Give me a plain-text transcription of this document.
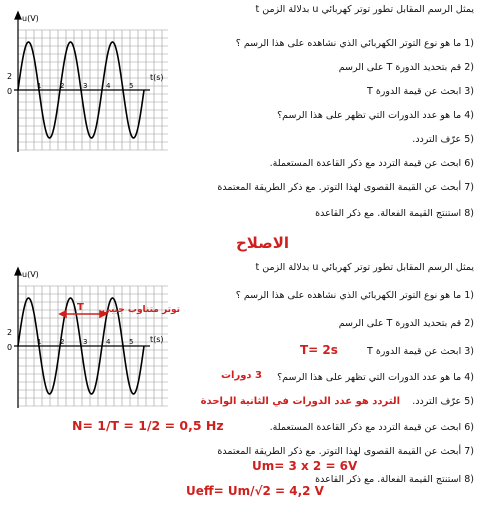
يمثل الرسم المقابل تطور توتر كهربائي u بدلالة الزمن t
u(V)
t(s)
2
0
1	2	3	4	5
1) ما هو نوع التوتر الكهربائي الذي نشاهده على هذا الرسم ؟
2) قم بتحديد الدورة T على الرسم
3) ابحث عن قيمة الدورة T
4) ما هو عدد الدورات التي تظهر على هذا الرسم؟
5) عرّف التردد.
6) ابحث عن قيمة التردد مع ذكر القاعدة المستعملة.
7) أبحث عن القيمة القصوى لهذا التوتر. مع ذكر الطريقة المعتمدة
8) استنتج القيمة الفعالة. مع ذكر القاعدة
الاصلاح
يمثل الرسم المقابل تطور توتر كهربائي u بدلالة الزمن t
T
u(V)
t(s)
2
0
1	2	3	4	5
1) ما هو نوع التوتر الكهربائي الذي نشاهده على هذا الرسم ؟
توتر متناوب جيبي
2) قم بتحديد الدورة T على الرسم
3) ابحث عن قيمة الدورة T
T= 2s
4) ما هو عدد الدورات التي تظهر على هذا الرسم؟
3 دورات
5) عرّف التردد.
التردد هو عدد الدورات في الثانية الواحدة
6) ابحث عن قيمة التردد مع ذكر القاعدة المستعملة.
N= 1/T = 1/2 = 0,5 Hz
7) أبحث عن القيمة القصوى لهذا التوتر. مع ذكر الطريقة المعتمدة
Um= 3 x 2 = 6V
8) استنتج القيمة الفعالة. مع ذكر القاعدة
Ueff= Um/√2 = 4,2 V
